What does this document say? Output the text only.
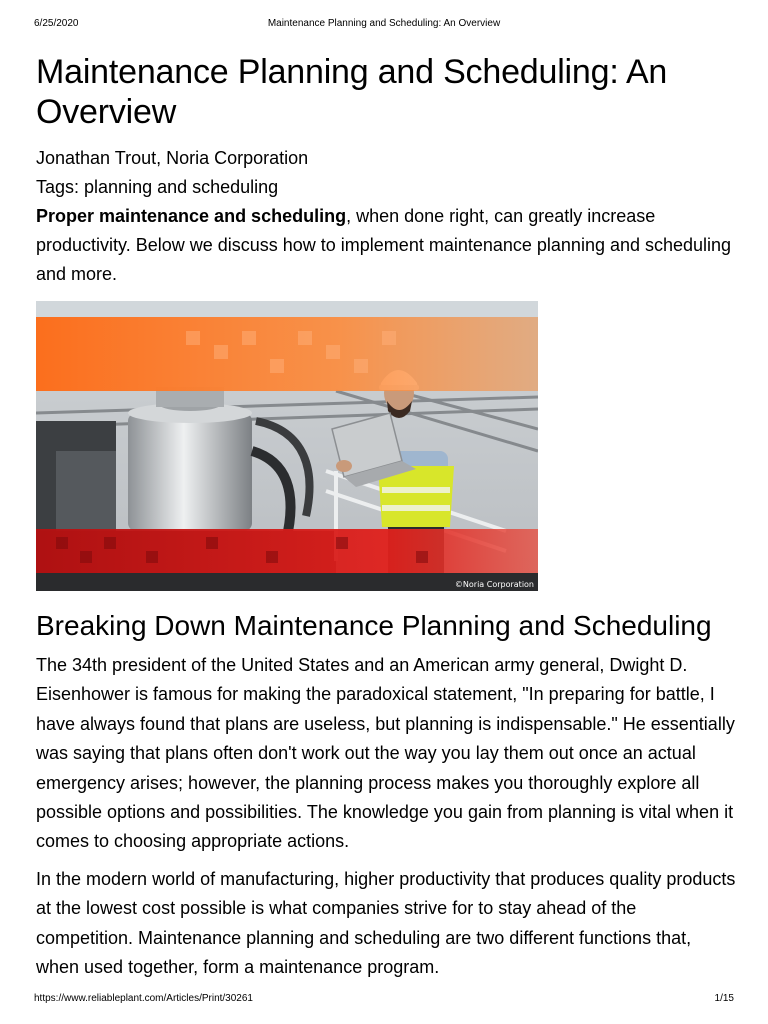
6/25/2020	Maintenance Planning and Scheduling: An Overview
Maintenance Planning and Scheduling: An Overview

Jonathan Trout, Noria Corporation

Tags: planning and scheduling

Proper maintenance and scheduling, when done right, can greatly increase productivity. Below we discuss how to implement maintenance planning and scheduling and more.

©Noria Corporation
Breaking Down Maintenance Planning and Scheduling

The 34th president of the United States and an American army general, Dwight D. Eisenhower is famous for making the paradoxical statement, "In preparing for battle, I have always found that plans are useless, but planning is indispensable." He essentially was saying that plans often don't work out the way you lay them out once an actual emergency arises; however, the planning process makes you thoroughly explore all possible options and possibilities. The knowledge you gain from planning is vital when it comes to choosing appropriate actions.

In the modern world of manufacturing, higher productivity that produces quality products at the lowest cost possible is what companies strive for to stay ahead of the competition. Maintenance planning and scheduling are two different functions that, when used together, form a maintenance program.

https://www.reliableplant.com/Articles/Print/30261	1/15
